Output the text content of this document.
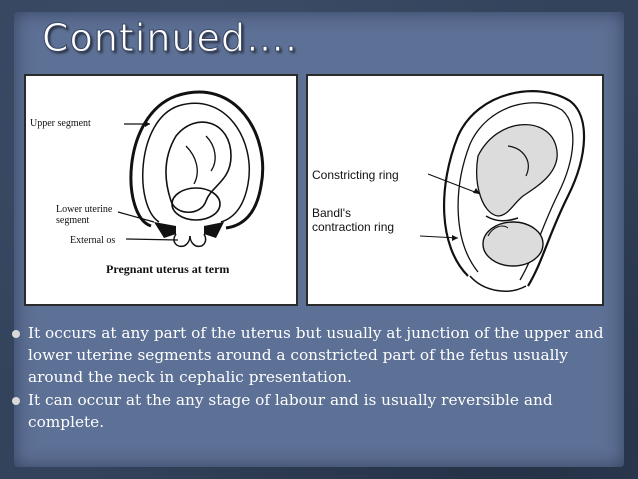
Continued….
Upper segment
Lower uterine
segment
External os
Pregnant uterus at term
Constricting ring
Bandl's
contraction ring
It occurs at any part of the uterus but usually at junction of the upper and lower uterine segments around a constricted part of the fetus usually around the neck in cephalic presentation.
It can occur at the any stage of labour and is usually reversible and complete.
